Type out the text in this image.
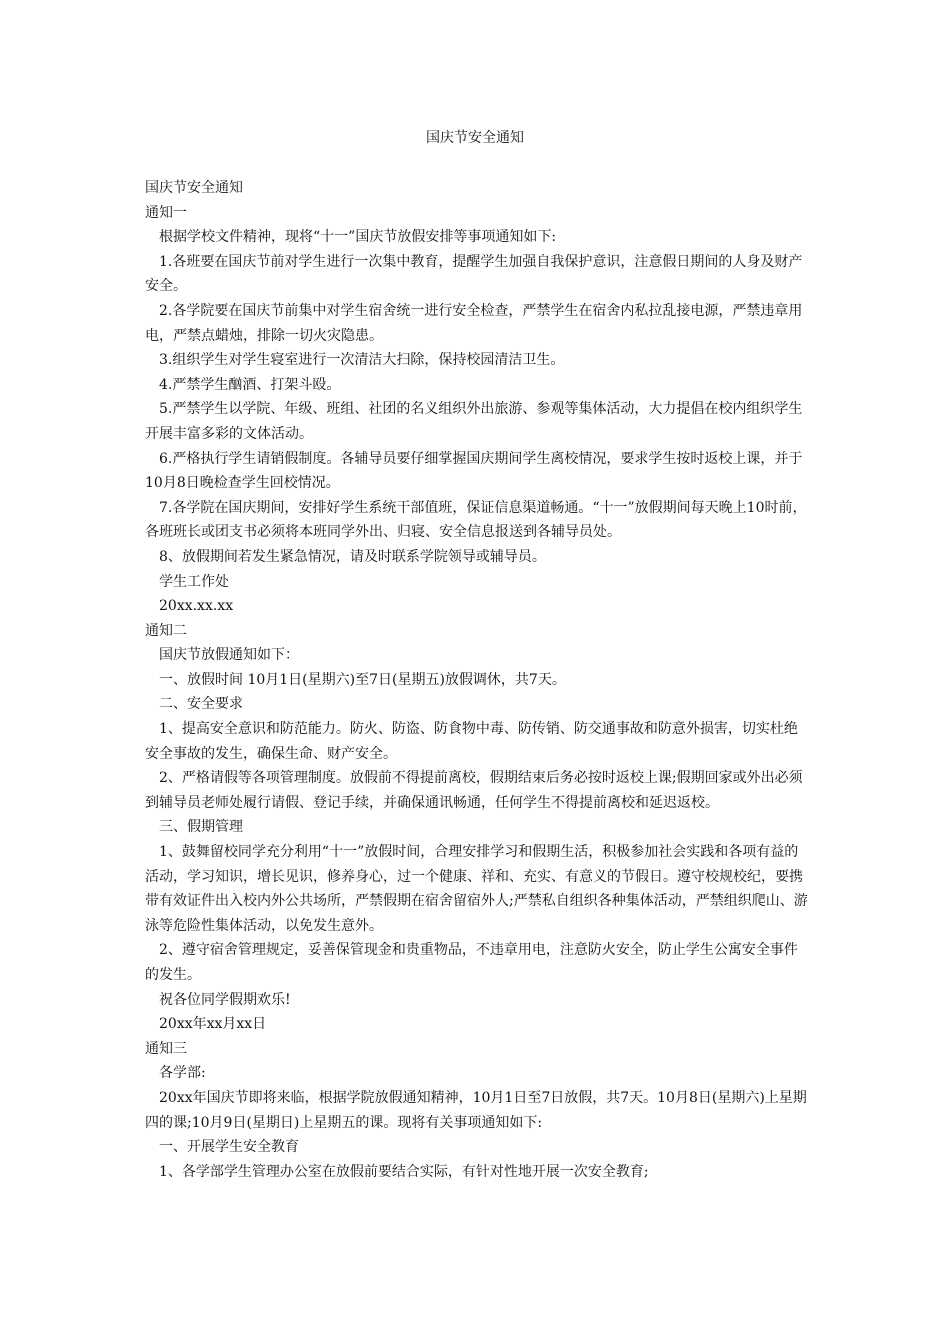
国庆节安全通知

国庆节安全通知

通知一

根据学校文件精神，现将“十一”国庆节放假安排等事项通知如下:

1.各班要在国庆节前对学生进行一次集中教育，提醒学生加强自我保护意识，注意假日期间的人身及财产安全。

2.各学院要在国庆节前集中对学生宿舍统一进行安全检查，严禁学生在宿舍内私拉乱接电源，严禁违章用电，严禁点蜡烛，排除一切火灾隐患。

3.组织学生对学生寝室进行一次清洁大扫除，保持校园清洁卫生。

4.严禁学生酗酒、打架斗殴。

5.严禁学生以学院、年级、班组、社团的名义组织外出旅游、参观等集体活动，大力提倡在校内组织学生开展丰富多彩的文体活动。

6.严格执行学生请销假制度。各辅导员要仔细掌握国庆期间学生离校情况，要求学生按时返校上课，并于10月8日晚检查学生回校情况。

7.各学院在国庆期间，安排好学生系统干部值班，保证信息渠道畅通。“十一”放假期间每天晚上10时前，各班班长或团支书必须将本班同学外出、归寝、安全信息报送到各辅导员处。

8、放假期间若发生紧急情况，请及时联系学院领导或辅导员。

学生工作处

20xx.xx.xx

通知二

国庆节放假通知如下：

一、放假时间 10月1日(星期六)至7日(星期五)放假调休，共7天。

二、安全要求

1、提高安全意识和防范能力。防火、防盗、防食物中毒、防传销、防交通事故和防意外损害，切实杜绝安全事故的发生，确保生命、财产安全。

2、严格请假等各项管理制度。放假前不得提前离校，假期结束后务必按时返校上课;假期回家或外出必须到辅导员老师处履行请假、登记手续，并确保通讯畅通，任何学生不得提前离校和延迟返校。

三、假期管理

1、鼓舞留校同学充分利用“十一”放假时间，合理安排学习和假期生活，积极参加社会实践和各项有益的活动，学习知识，增长见识，修养身心，过一个健康、祥和、充实、有意义的节假日。遵守校规校纪，要携带有效证件出入校内外公共场所，严禁假期在宿舍留宿外人;严禁私自组织各种集体活动，严禁组织爬山、游泳等危险性集体活动，以免发生意外。

2、遵守宿舍管理规定，妥善保管现金和贵重物品，不违章用电，注意防火安全，防止学生公寓安全事件的发生。

祝各位同学假期欢乐!

20xx年xx月xx日

通知三

各学部:

20xx年国庆节即将来临，根据学院放假通知精神，10月1日至7日放假，共7天。10月8日(星期六)上星期四的课;10月9日(星期日)上星期五的课。现将有关事项通知如下:

一、开展学生安全教育

1、各学部学生管理办公室在放假前要结合实际，有针对性地开展一次安全教育;
